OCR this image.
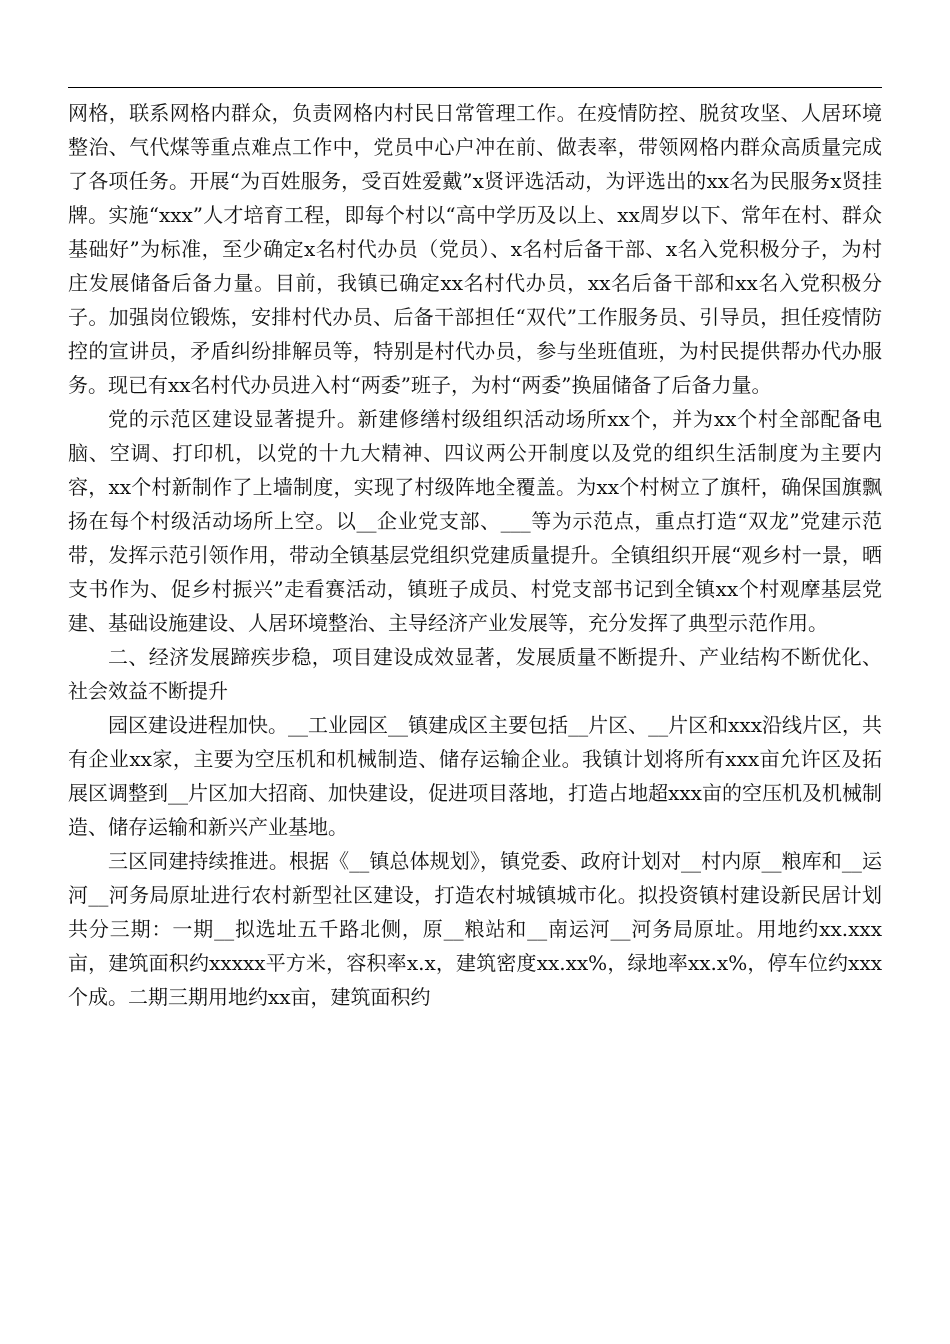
网格，联系网格内群众，负责网格内村民日常管理工作。在疫情防控、脱贫攻坚、人居环境整治、气代煤等重点难点工作中，党员中心户冲在前、做表率，带领网格内群众高质量完成了各项任务。开展“为百姓服务，受百姓爱戴”x贤评选活动，为评选出的xx名为民服务x贤挂牌。实施“xxx”人才培育工程，即每个村以“高中学历及以上、xx周岁以下、常年在村、群众基础好”为标准，至少确定x名村代办员（党员）、x名村后备干部、x名入党积极分子，为村庄发展储备后备力量。目前，我镇已确定xx名村代办员，xx名后备干部和xx名入党积极分子。加强岗位锻炼，安排村代办员、后备干部担任“双代”工作服务员、引导员，担任疫情防控的宣讲员，矛盾纠纷排解员等，特别是村代办员，参与坐班值班，为村民提供帮办代办服务。现已有xx名村代办员进入村“两委”班子，为村“两委”换届储备了后备力量。

党的示范区建设显著提升。新建修缮村级组织活动场所xx个，并为xx个村全部配备电脑、空调、打印机，以党的十九大精神、四议两公开制度以及党的组织生活制度为主要内容，xx个村新制作了上墙制度，实现了村级阵地全覆盖。为xx个村树立了旗杆，确保国旗飘扬在每个村级活动场所上空。以__企业党支部、___等为示范点，重点打造“双龙”党建示范带，发挥示范引领作用，带动全镇基层党组织党建质量提升。全镇组织开展“观乡村一景，晒支书作为、促乡村振兴”走看赛活动，镇班子成员、村党支部书记到全镇xx个村观摩基层党建、基础设施建设、人居环境整治、主导经济产业发展等，充分发挥了典型示范作用。

二、经济发展蹄疾步稳，项目建设成效显著，发展质量不断提升、产业结构不断优化、社会效益不断提升

园区建设进程加快。__工业园区__镇建成区主要包括__片区、__片区和xxx沿线片区，共有企业xx家，主要为空压机和机械制造、储存运输企业。我镇计划将所有xxx亩允许区及拓展区调整到__片区加大招商、加快建设，促进项目落地，打造占地超xxx亩的空压机及机械制造、储存运输和新兴产业基地。

三区同建持续推进。根据《__镇总体规划》，镇党委、政府计划对__村内原__粮库和__运河__河务局原址进行农村新型社区建设，打造农村城镇城市化。拟投资镇村建设新民居计划共分三期：一期__拟选址五千路北侧，原__粮站和__南运河__河务局原址。用地约xx.xxx亩，建筑面积约xxxxx平方米，容积率x.x，建筑密度xx.xx%，绿地率xx.x%，停车位约xxx个成。二期三期用地约xx亩，建筑面积约
